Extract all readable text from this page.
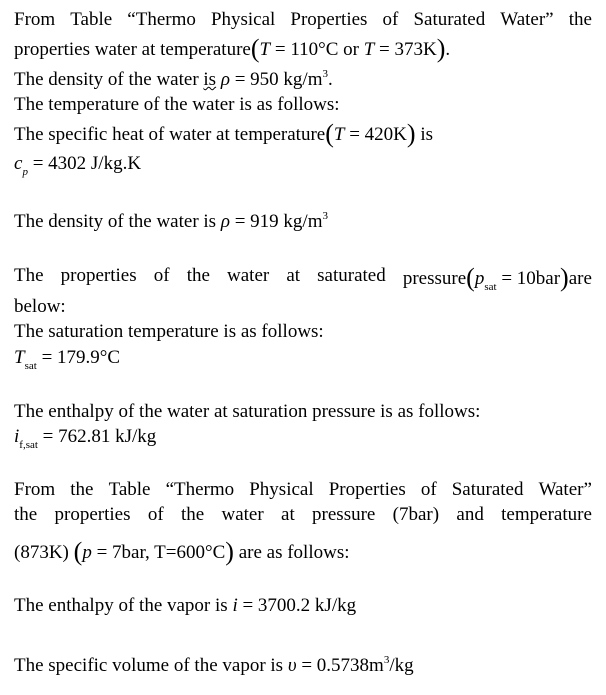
From Table “Thermo Physical Properties of Saturated Water” the
properties water at temperature(T = 110°C or T = 373K).
The density of the water is ρ = 950 $kg/m^3$.
The temperature of the water is as follows:
The specific heat of water at temperature(T = 420K) is
$c_p = 4302$ J/kg.K
The density of the water is ρ = 919 $kg/m^3$
The properties of the water at saturated $pressure(p_{sat} = 10bar)are$
below:
The saturation temperature is as follows:
$T_{sat} = 179.9^\circ C$
The enthalpy of the water at saturation pressure is as follows:
$i_{f,sat} = 762.81$ kJ/kg
From the Table “Thermo Physical Properties of Saturated Water”
the properties of the water at pressure (7bar) and temperature
(873K) (p = 7bar, T=600°C) are as follows:
The enthalpy of the vapor is i = 3700.2 kJ/kg
The specific volume of the vapor is $\upsilon = 0.5738m^3/kg$
